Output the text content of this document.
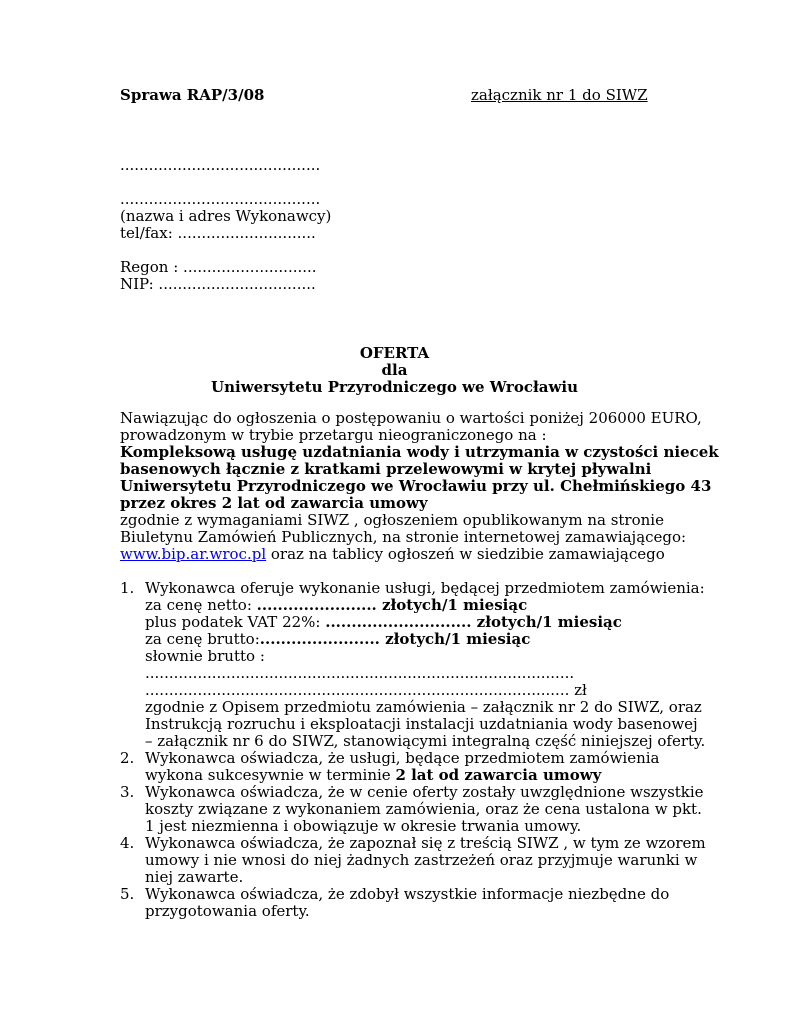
Sprawa RAP/3/08	załącznik nr 1 do SIWZ
..........................................
..........................................
(nazwa i adres Wykonawcy)
tel/fax: .............................
Regon : ............................
NIP: .................................
OFERTA
dla
Uniwersytetu Przyrodniczego we Wrocławiu
Nawiązując do ogłoszenia o postępowaniu o wartości poniżej 206000 EURO,
prowadzonym w trybie przetargu nieograniczonego na :
Kompleksową usługę uzdatniania wody i utrzymania w czystości niecek
basenowych łącznie z kratkami przelewowymi w krytej pływalni
Uniwersytetu Przyrodniczego we Wrocławiu przy ul. Chełmińskiego 43
przez okres 2 lat od zawarcia umowy
zgodnie z wymaganiami SIWZ , ogłoszeniem opublikowanym na stronie
Biuletynu Zamówień Publicznych, na stronie internetowej zamawiającego:
www.bip.ar.wroc.pl oraz na tablicy ogłoszeń w siedzibie zamawiającego
1. Wykonawca oferuje wykonanie usługi, będącej przedmiotem zamówienia:
za cenę netto: ....................... złotych/1 miesiąc
plus podatek VAT 22%: ............................ złotych/1 miesiąc
za cenę brutto:....................... złotych/1 miesiąc
słownie brutto :
..........................................................................................
......................................................................................... zł
zgodnie z Opisem przedmiotu zamówienia – załącznik nr 2 do SIWZ, oraz
Instrukcją rozruchu i eksploatacji instalacji uzdatniania wody basenowej
– załącznik nr 6 do SIWZ, stanowiącymi integralną część niniejszej oferty.
2. Wykonawca oświadcza, że usługi, będące przedmiotem zamówienia
wykona sukcesywnie w terminie 2 lat od zawarcia umowy
3. Wykonawca oświadcza, że w cenie oferty zostały uwzględnione wszystkie
koszty związane z wykonaniem zamówienia, oraz że cena ustalona w pkt.
1 jest niezmienna i obowiązuje w okresie trwania umowy.
4. Wykonawca oświadcza, że zapoznał się z treścią SIWZ , w tym ze wzorem
umowy i nie wnosi do niej żadnych zastrzeżeń oraz przyjmuje warunki w
niej zawarte.
5. Wykonawca oświadcza, że zdobył wszystkie informacje niezbędne do
przygotowania oferty.
